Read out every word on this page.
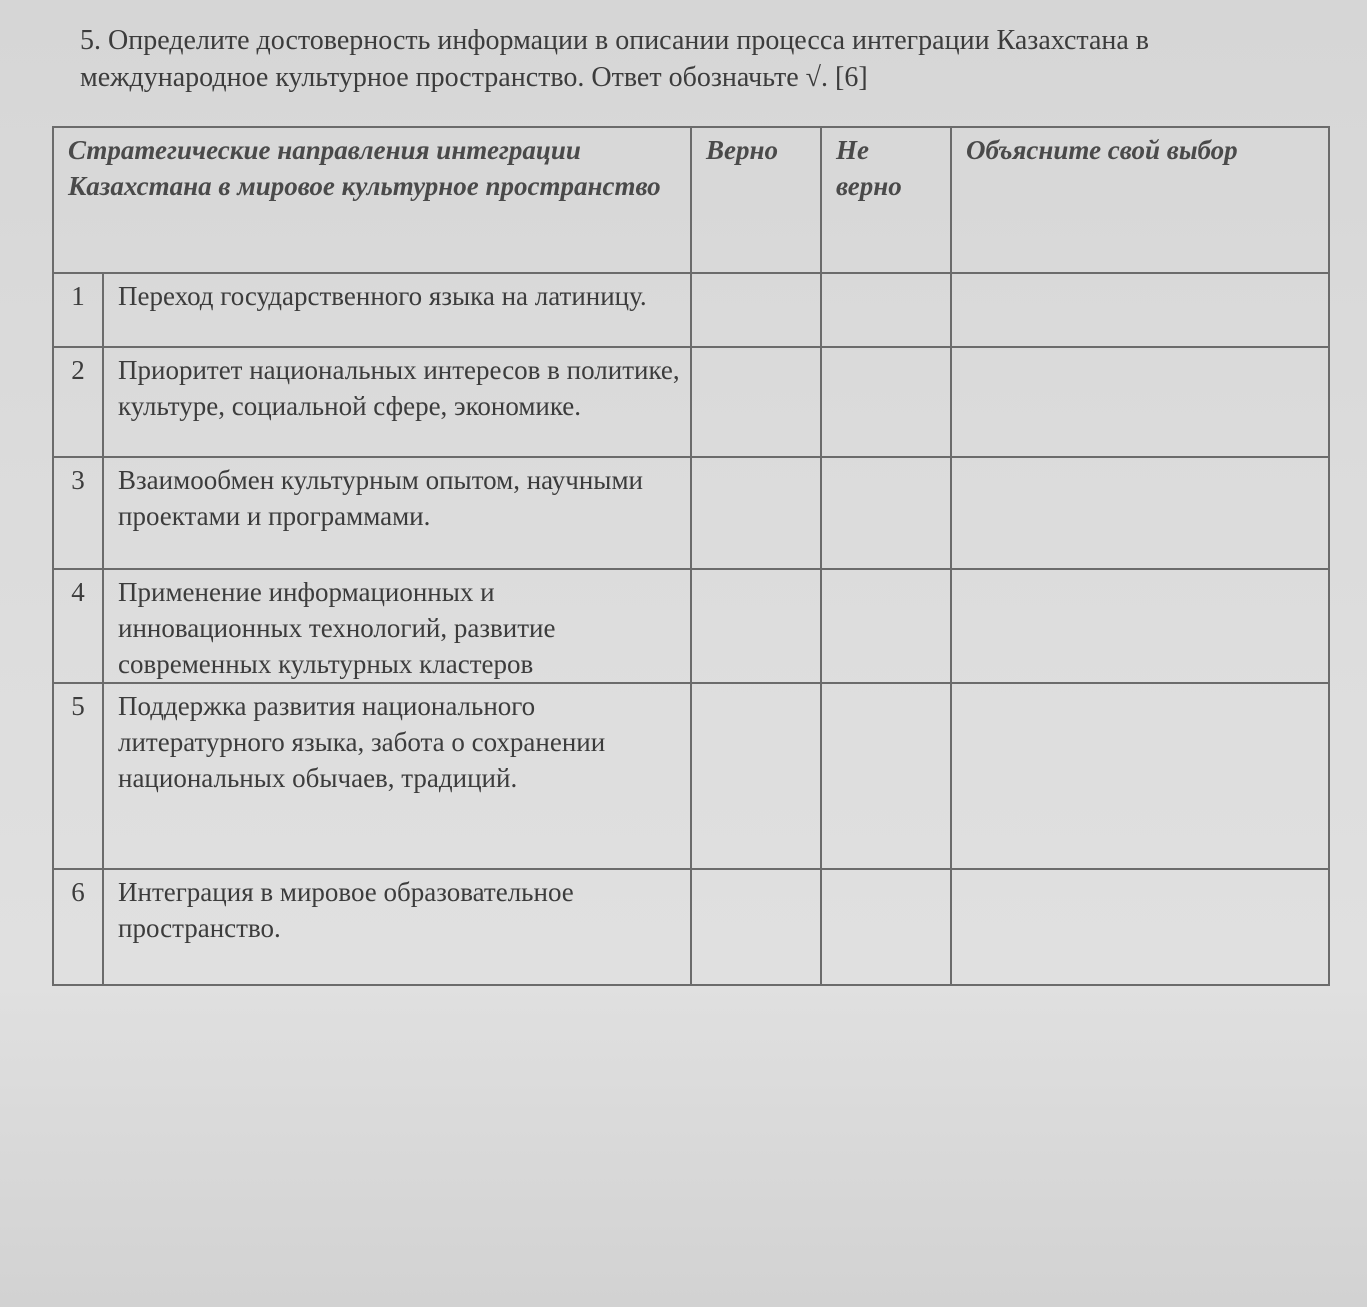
5. Определите достоверность информации в описании процесса интеграции Казахстана в международное культурное пространство. Ответ обозначьте √. [6]
Стратегические направления интеграции Казахстана в мировое культурное пространство		Верно	Не верно	Объясните свой выбор
1	Переход государственного языка на латиницу.			
2	Приоритет национальных интересов в политике, культуре, социальной сфере, экономике.			
3	Взаимообмен культурным опытом, научными проектами и программами.			
4	Применение информационных и инновационных технологий, развитие современных культурных кластеров			
5	Поддержка развития национального литературного языка, забота о сохранении национальных обычаев, традиций.			
6	Интеграция в мировое образовательное пространство.			
